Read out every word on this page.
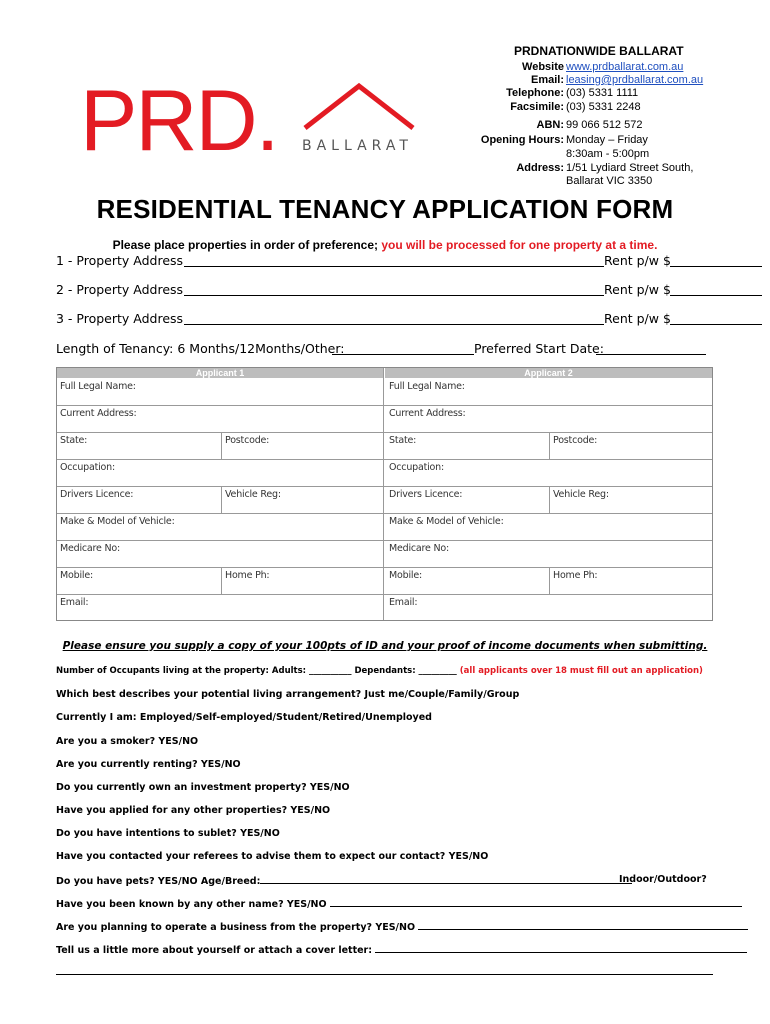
PRD. BALLARAT
PRDNATIONWIDE BALLARAT
Website www.prdballarat.com.au
Email: leasing@prdballarat.com.au
Telephone: (03) 5331 1111
Facsimile: (03) 5331 2248
ABN: 99 066 512 572
Opening Hours: Monday – Friday
8:30am - 5:00pm
Address: 1/51 Lydiard Street South,
Ballarat VIC 3350
RESIDENTIAL TENANCY APPLICATION FORM
Please place properties in order of preference; you will be processed for one property at a time.
1 - Property Address	Rent p/w $
2 - Property Address	Rent p/w $
3 - Property Address	Rent p/w $
Length of Tenancy: 6 Months/12Months/Other:	Preferred Start Date:
Applicant 1	Applicant 2
Full Legal Name:
Current Address:
State:	Postcode:
Occupation:
Drivers Licence:	Vehicle Reg:
Make & Model of Vehicle:
Medicare No:
Mobile:	Home Ph:
Email:
Full Legal Name:
Current Address:
State:	Postcode:
Occupation:
Drivers Licence:	Vehicle Reg:
Make & Model of Vehicle:
Medicare No:
Mobile:	Home Ph:
Email:
Please ensure you supply a copy of your 100pts of ID and your proof of income documents when submitting.
Number of Occupants living at the property: Adults: __________ Dependants: _________ (all applicants over 18 must fill out an application)
Which best describes your potential living arrangement? Just me/Couple/Family/Group
Currently I am: Employed/Self-employed/Student/Retired/Unemployed
Are you a smoker? YES/NO
Are you currently renting? YES/NO
Do you currently own an investment property? YES/NO
Have you applied for any other properties? YES/NO
Do you have intentions to sublet? YES/NO
Have you contacted your referees to advise them to expect our contact? YES/NO
Do you have pets? YES/NO Age/Breed:	Indoor/Outdoor?
Have you been known by any other name? YES/NO
Are you planning to operate a business from the property? YES/NO
Tell us a little more about yourself or attach a cover letter:
